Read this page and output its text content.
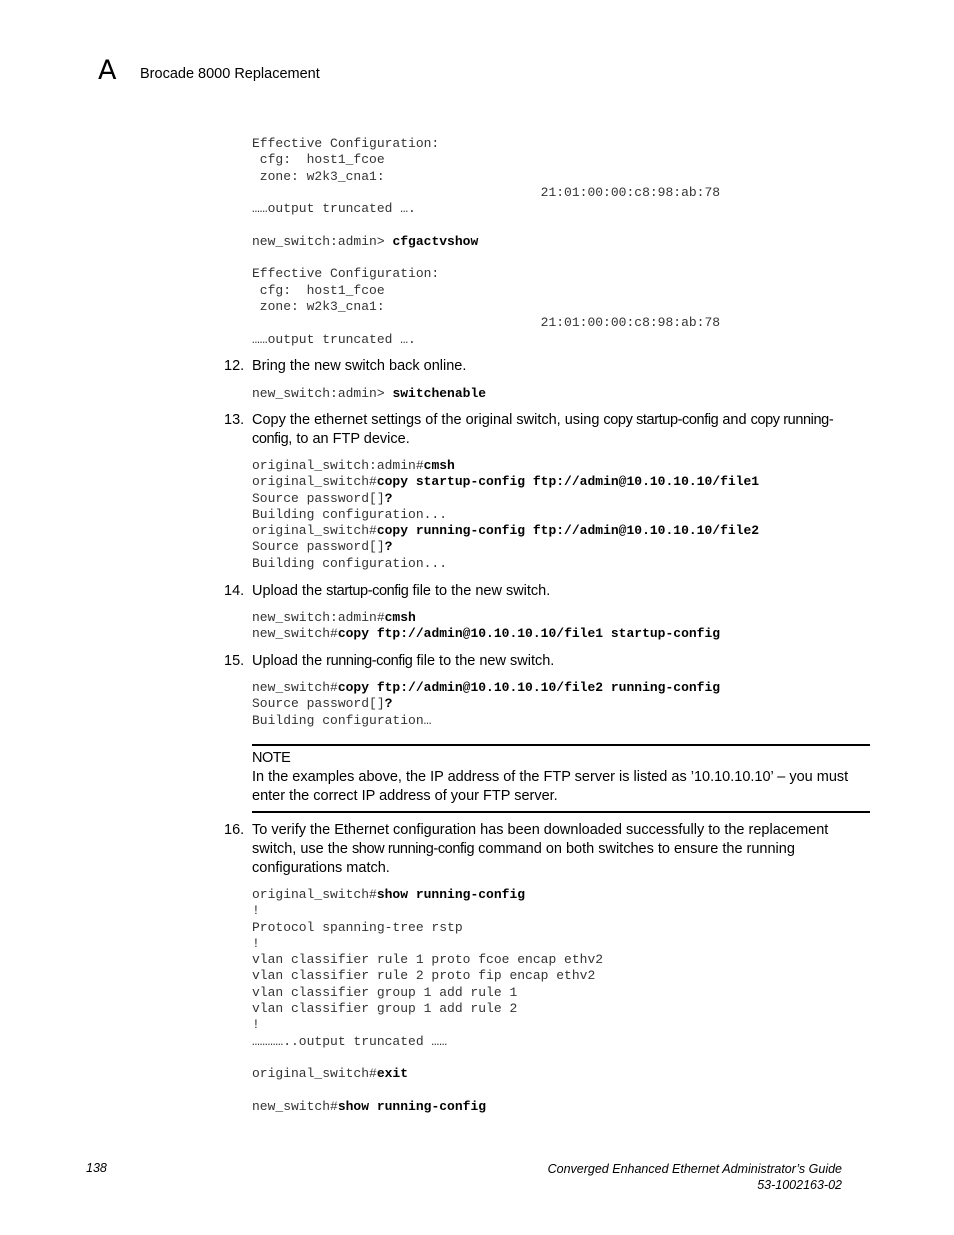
A Brocade 8000 Replacement
Effective Configuration:
cfg:  host1_fcoe
zone: w2k3_cna1:
21:01:00:00:c8:98:ab:78
……output truncated ….
new_switch:admin> cfgactvshow
Effective Configuration:
cfg:  host1_fcoe
zone: w2k3_cna1:
21:01:00:00:c8:98:ab:78
……output truncated ….
12. Bring the new switch back online.
new_switch:admin> switchenable
13. Copy the ethernet settings of the original switch, using copy startup-config and copy running-config, to an FTP device.
original_switch:admin#cmsh
original_switch#copy startup-config ftp://admin@10.10.10.10/file1
Source password[]?
Building configuration...
original_switch#copy running-config ftp://admin@10.10.10.10/file2
Source password[]?
Building configuration...
14. Upload the startup-config file to the new switch.
new_switch:admin#cmsh
new_switch#copy ftp://admin@10.10.10.10/file1 startup-config
15. Upload the running-config file to the new switch.
new_switch#copy ftp://admin@10.10.10.10/file2 running-config
Source password[]?
Building configuration…
NOTE
In the examples above, the IP address of the FTP server is listed as ’10.10.10.10’ – you must enter the correct IP address of your FTP server.
16. To verify the Ethernet configuration has been downloaded successfully to the replacement switch, use the show running-config command on both switches to ensure the running configurations match.
original_switch#show running-config
!
Protocol spanning-tree rstp
!
vlan classifier rule 1 proto fcoe encap ethv2
vlan classifier rule 2 proto fip encap ethv2
vlan classifier group 1 add rule 1
vlan classifier group 1 add rule 2
!
…………..output truncated ……
original_switch#exit
new_switch#show running-config
138	Converged Enhanced Ethernet Administrator’s Guide
53-1002163-02
